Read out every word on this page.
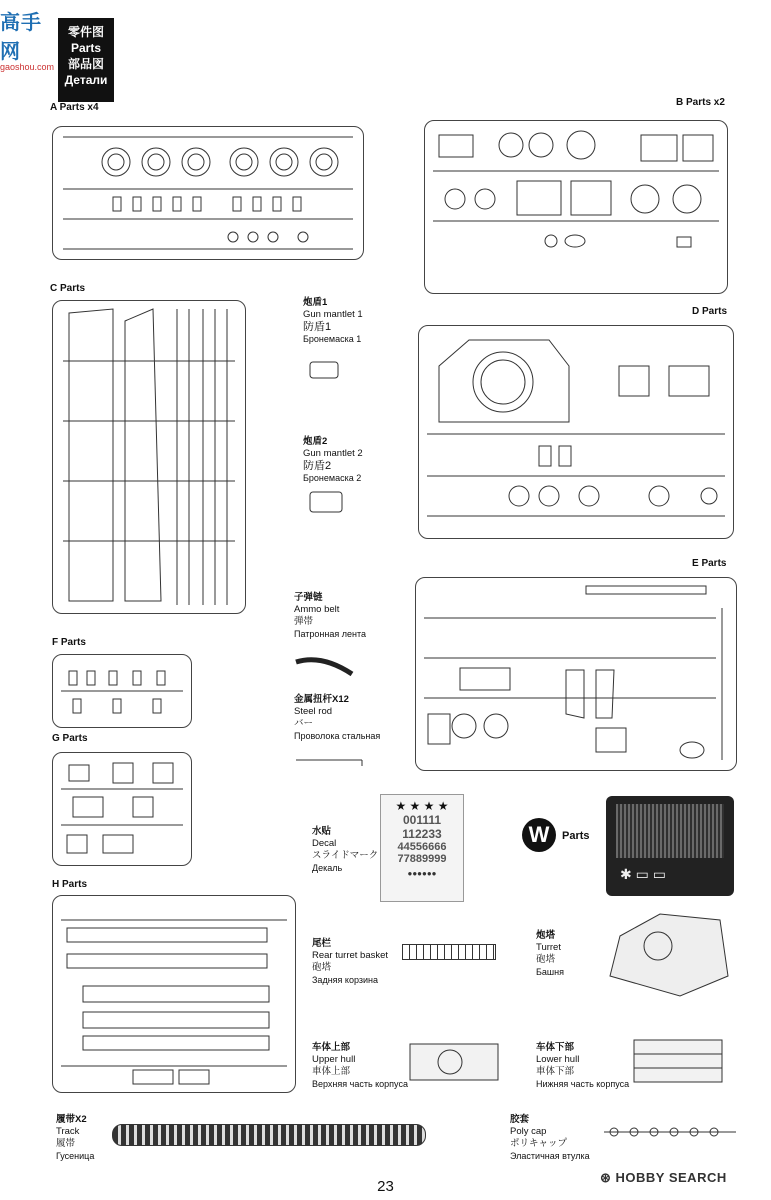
高手网
gaoshou.com
零件图
Parts
部品図
Детали
A Parts x4	B Parts x2
C Parts
炮盾1
Gun mantlet 1
防盾1
Бронемаска 1
炮盾2
Gun mantlet 2
防盾2
Бронемаска 2
D Parts
E Parts
子弹链
Ammo belt
弾帯
Патронная лента
金属扭杆X12
Steel rod
バー
Проволока стальная
F Parts
G Parts
水贴
Decal
スライドマーク
Декаль
★ ★ ★ ★
001111
112233
44556666
77889999
●●●●●●
W	Parts
✱ ▭ ▭
H Parts
尾栏
Rear turret basket
砲塔
Задняя корзина
炮塔
Turret
砲塔
Башня
车体上部
Upper hull
車体上部
Верхняя часть корпуса
车体下部
Lower hull
車体下部
Нижняя часть корпуса
履带X2
Track
履帯
Гусеница
胶套
Poly cap
ポリキャップ
Эластичная втулка
23
⊛ HOBBY SEARCH
